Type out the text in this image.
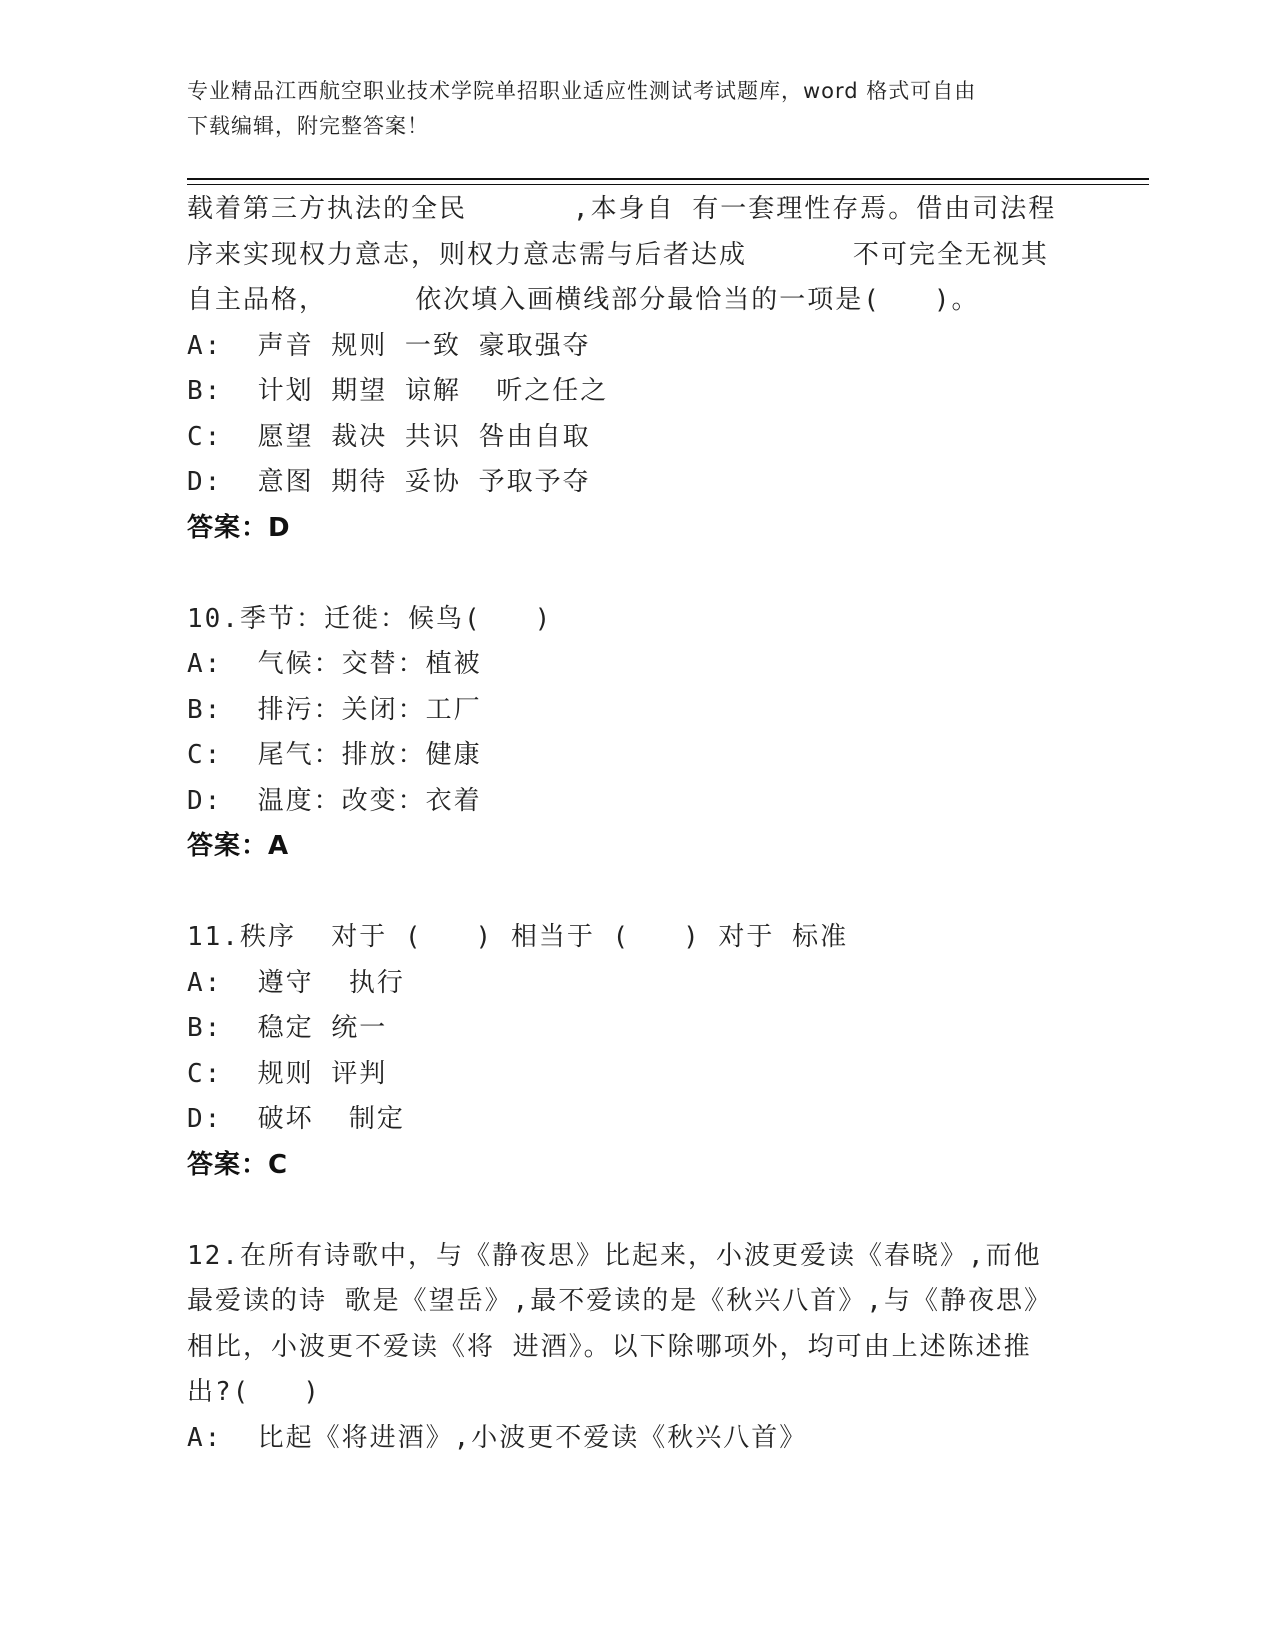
专业精品江西航空职业技术学院单招职业适应性测试考试题库，word 格式可自由
下载编辑，附完整答案！
载着第三方执法的全民      ,本身自 有一套理性存焉。借由司法程
序来实现权力意志，则权力意志需与后者达成      不可完全无视其
自主品格，     依次填入画横线部分最恰当的一项是(   )。
A:  声音 规则 一致 豪取强夺
B:  计划 期望 谅解  听之任之
C:  愿望 裁决 共识 咎由自取
D:  意图 期待 妥协 予取予夺
答案：D
10.季节：迁徙：候鸟(   )
A:  气候：交替：植被
B:  排污：关闭：工厂
C:  尾气：排放：健康
D:  温度：改变：衣着
答案：A
11.秩序  对于 (   ) 相当于 (   ) 对于 标准
A:  遵守  执行
B:  稳定 统一
C:  规则 评判
D:  破坏  制定
答案：C
12.在所有诗歌中，与《静夜思》比起来，小波更爱读《春晓》,而他
最爱读的诗 歌是《望岳》,最不爱读的是《秋兴八首》,与《静夜思》
相比，小波更不爱读《将 进酒》。以下除哪项外，均可由上述陈述推
出?(   )
A:  比起《将进酒》,小波更不爱读《秋兴八首》
